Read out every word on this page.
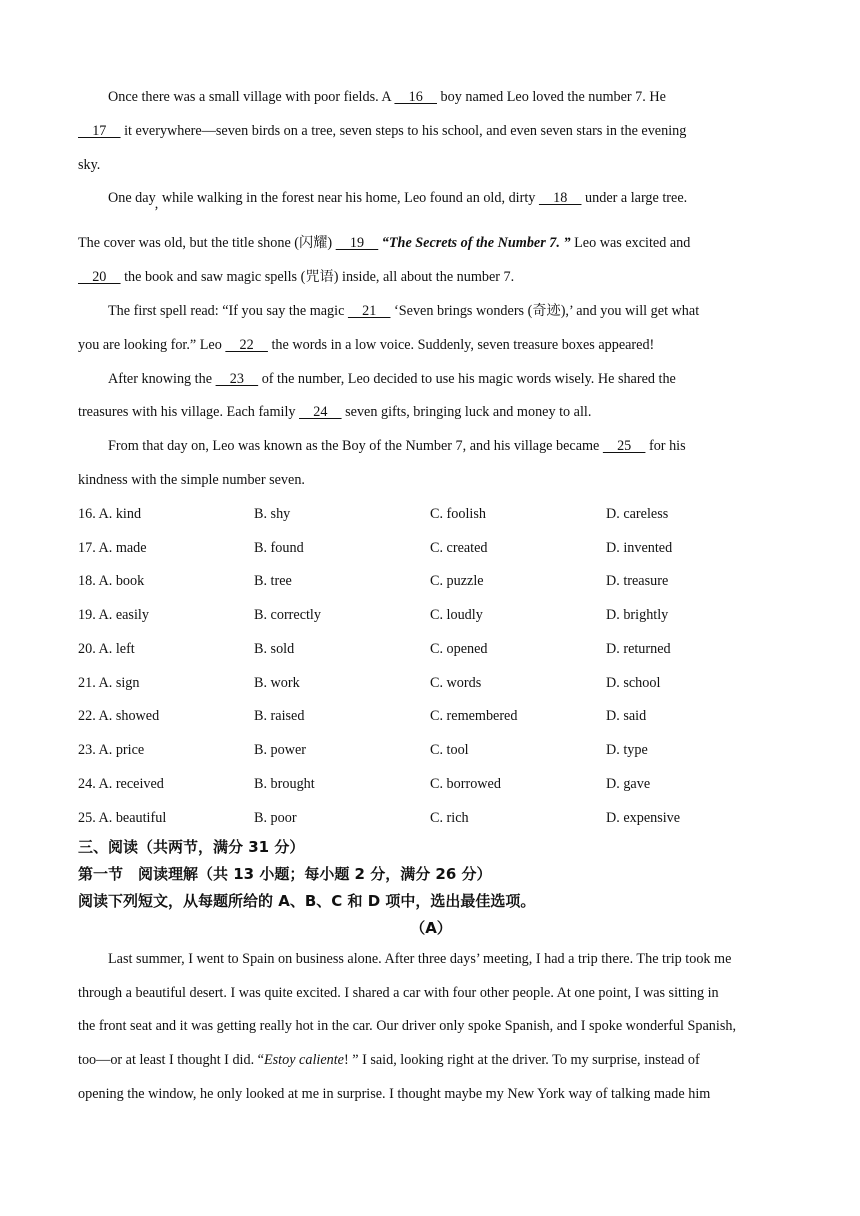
Once there was a small village with poor fields. A     16     boy named Leo loved the number 7. He
17     it everywhere—seven birds on a tree, seven steps to his school, and even seven stars in the evening
sky.
One day, while walking in the forest near his home, Leo found an old, dirty     18     under a large tree.
The cover was old, but the title shone (闪耀)     19     “The Secrets of the Number 7. ” Leo was excited and
20     the book and saw magic spells (咒语) inside, all about the number 7.
The first spell read: “If you say the magic     21     ‘Seven brings wonders (奇迹),’ and you will get what
you are looking for.” Leo     22     the words in a low voice. Suddenly, seven treasure boxes appeared!
After knowing the     23     of the number, Leo decided to use his magic words wisely. He shared the
treasures with his village. Each family     24     seven gifts, bringing luck and money to all.
From that day on, Leo was known as the Boy of the Number 7, and his village became     25     for his
kindness with the simple number seven.
16. A. kind	B. shy	C. foolish	D. careless
17. A. made	B. found	C. created	D. invented
18. A. book	B. tree	C. puzzle	D. treasure
19. A. easily	B. correctly	C. loudly	D. brightly
20. A. left	B. sold	C. opened	D. returned
21. A. sign	B. work	C. words	D. school
22. A. showed	B. raised	C. remembered	D. said
23. A. price	B. power	C. tool	D. type
24. A. received	B. brought	C. borrowed	D. gave
25. A. beautiful	B. poor	C. rich	D. expensive
三、阅读（共两节，满分 31 分）
第一节　阅读理解（共 13 小题；每小题 2 分，满分 26 分）
阅读下列短文，从每题所给的 A、B、C 和 D 项中，选出最佳选项。
（A）
Last summer, I went to Spain on business alone. After three days’ meeting, I had a trip there. The trip took me
through a beautiful desert. I was quite excited. I shared a car with four other people. At one point, I was sitting in
the front seat and it was getting really hot in the car. Our driver only spoke Spanish, and I spoke wonderful Spanish,
too—or at least I thought I did. “Estoy caliente! ” I said, looking right at the driver. To my surprise, instead of
opening the window, he only looked at me in surprise. I thought maybe my New York way of talking made him
